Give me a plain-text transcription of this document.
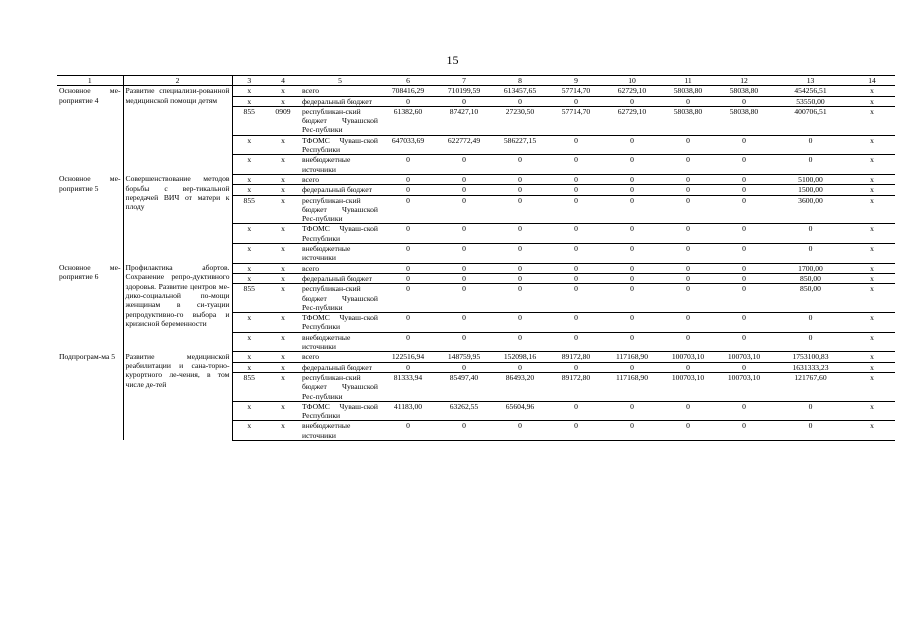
15
1	2	3	4	5	6	7	8	9	10	11	12	13	14
Основное ме-роприятие 4	Развитие специализи-рованной медицинской помощи детям	х	х	всего	708416,29	710199,59	613457,65	57714,70	62729,10	58038,80	58038,80	454256,51	х
		х	х	федеральный бюджет	0	0	0	0	0	0	0	53550,00	х
		855	0909	республикан-ский бюджет Чувашской Рес-публики	61382,60	87427,10	27230,50	57714,70	62729,10	58038,80	58038,80	400706,51	х
		х	х	ТФОМС Чуваш-ской Республики	647033,69	622772,49	586227,15	0	0	0	0	0	х
		х	х	внебюджетные источники	0	0	0	0	0	0	0	0	х
Основное ме-роприятие 5	Совершенствование методов борьбы с вер-тикальной передачей ВИЧ от матери к плоду	х	х	всего	0	0	0	0	0	0	0	5100,00	х
		х	х	федеральный бюджет	0	0	0	0	0	0	0	1500,00	х
		855	х	республикан-ский бюджет Чувашской Рес-публики	0	0	0	0	0	0	0	3600,00	х
		х	х	ТФОМС Чуваш-ской Республики	0	0	0	0	0	0	0	0	х
		х	х	внебюджетные источники	0	0	0	0	0	0	0	0	х
Основное ме-роприятие 6	Профилактика абортов. Сохранение репро-дуктивного здоровья. Развитие центров ме-дико-социальной по-мощи женщинам в си-туации репродуктивно-го выбора и кризисной беременности	х	х	всего	0	0	0	0	0	0	0	1700,00	х
		х	х	федеральный бюджет	0	0	0	0	0	0	0	850,00	х
		855	х	республикан-ский бюджет Чувашской Рес-публики	0	0	0	0	0	0	0	850,00	х
		х	х	ТФОМС Чуваш-ской Республики	0	0	0	0	0	0	0	0	х
		х	х	внебюджетные источники	0	0	0	0	0	0	0	0	х
Подпрограм-ма 5	Развитие медицинской реабилитации и сана-торно-курортного ле-чения, в том числе де-тей	х	х	всего	122516,94	148759,95	152098,16	89172,80	117168,90	100703,10	100703,10	1753100,83	х
		х	х	федеральный бюджет	0	0	0	0	0	0	0	1631333,23	х
		855	х	республикан-ский бюджет Чувашской Рес-публики	81333,94	85497,40	86493,20	89172,80	117168,90	100703,10	100703,10	121767,60	х
		х	х	ТФОМС Чуваш-ской Республики	41183,00	63262,55	65604,96	0	0	0	0	0	х
		х	х	внебюджетные источники	0	0	0	0	0	0	0	0	х
